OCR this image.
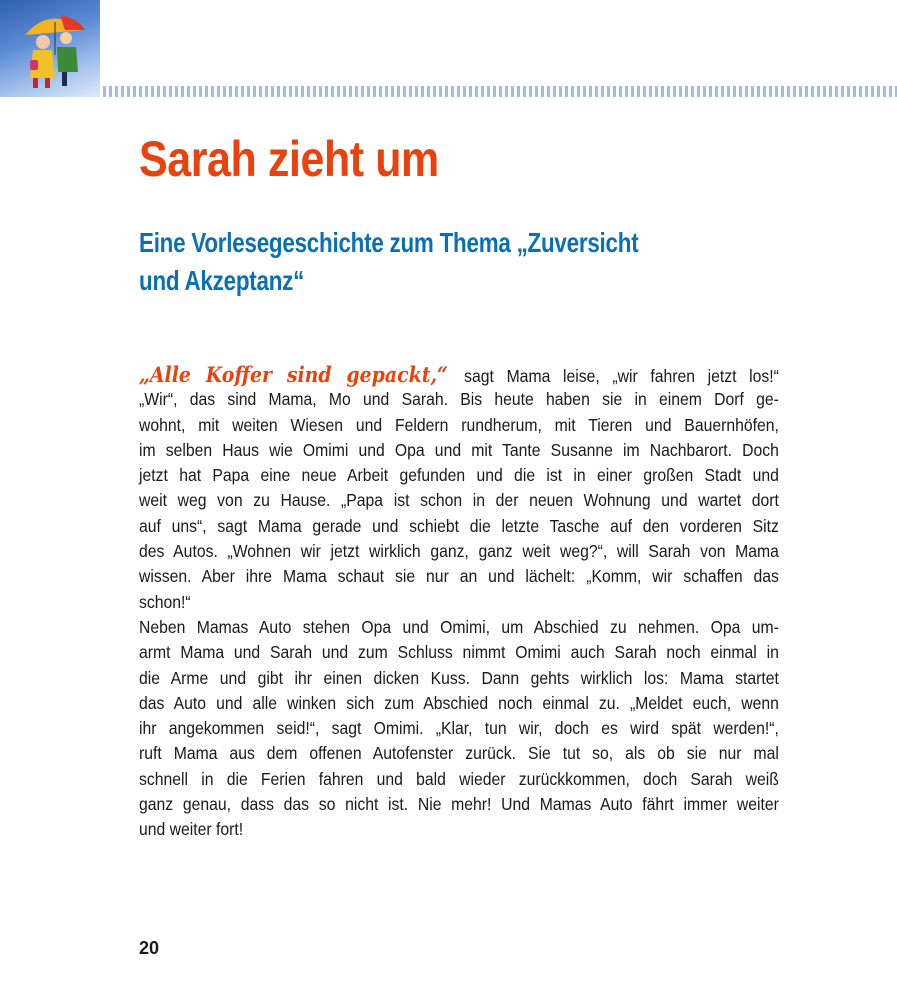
Sarah zieht um
Eine Vorlesegeschichte zum Thema „Zuversicht
und Akzeptanz“
„Alle Koffer sind gepackt,“ sagt Mama leise, „wir fahren jetzt los!“
„Wir“, das sind Mama, Mo und Sarah. Bis heute haben sie in einem Dorf ge-
wohnt, mit weiten Wiesen und Feldern rundherum, mit Tieren und Bauernhöfen,
im selben Haus wie Omimi und Opa und mit Tante Susanne im Nachbarort. Doch
jetzt hat Papa eine neue Arbeit gefunden und die ist in einer großen Stadt und
weit weg von zu Hause. „Papa ist schon in der neuen Wohnung und wartet dort
auf uns“, sagt Mama gerade und schiebt die letzte Tasche auf den vorderen Sitz
des Autos. „Wohnen wir jetzt wirklich ganz, ganz weit weg?“, will Sarah von Mama
wissen. Aber ihre Mama schaut sie nur an und lächelt: „Komm, wir schaffen das
schon!“
Neben Mamas Auto stehen Opa und Omimi, um Abschied zu nehmen. Opa um-
armt Mama und Sarah und zum Schluss nimmt Omimi auch Sarah noch einmal in
die Arme und gibt ihr einen dicken Kuss. Dann gehts wirklich los: Mama startet
das Auto und alle winken sich zum Abschied noch einmal zu. „Meldet euch, wenn
ihr angekommen seid!“, sagt Omimi. „Klar, tun wir, doch es wird spät werden!“,
ruft Mama aus dem offenen Autofenster zurück. Sie tut so, als ob sie nur mal
schnell in die Ferien fahren und bald wieder zurückkommen, doch Sarah weiß
ganz genau, dass das so nicht ist. Nie mehr! Und Mamas Auto fährt immer weiter
und weiter fort!
20
